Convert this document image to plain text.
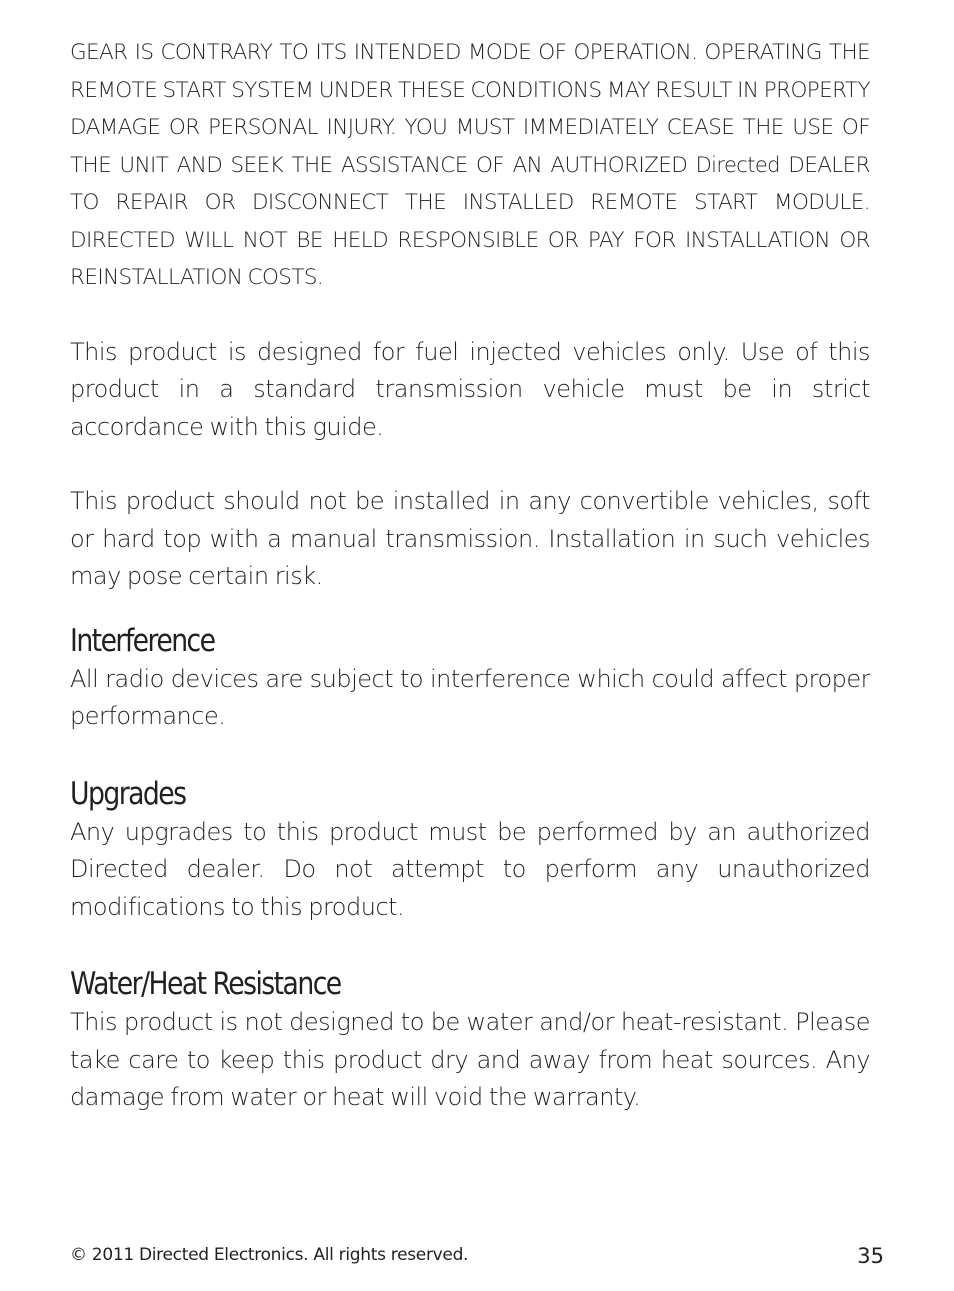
GEAR IS CONTRARY TO ITS INTENDED MODE OF OPERATION. OPERATING THE REMOTE START SYSTEM UNDER THESE CONDITIONS MAY RESULT IN PROPERTY DAMAGE OR PERSONAL INJURY. YOU MUST IMMEDIATELY CEASE THE USE OF THE UNIT AND SEEK THE ASSISTANCE OF AN AUTHORIZED Directed DEALER TO REPAIR OR DISCONNECT THE INSTALLED REMOTE START MODULE. DIRECTED WILL NOT BE HELD RESPONSIBLE OR PAY FOR INSTALLATION OR REINSTALLATION COSTS.

This product is designed for fuel injected vehicles only. Use of this product in a standard transmission vehicle must be in strict accordance with this guide.

This product should not be installed in any convertible vehicles, soft or hard top with a manual transmission. Installation in such vehicles may pose certain risk.

Interference

All radio devices are subject to interference which could affect proper performance.

Upgrades

Any upgrades to this product must be performed by an authorized Directed dealer. Do not attempt to perform any unauthorized modifications to this product.

Water/Heat Resistance

This product is not designed to be water and/or heat-resistant. Please take care to keep this product dry and away from heat sources. Any damage from water or heat will void the warranty.

© 2011 Directed Electronics. All rights reserved.	35
